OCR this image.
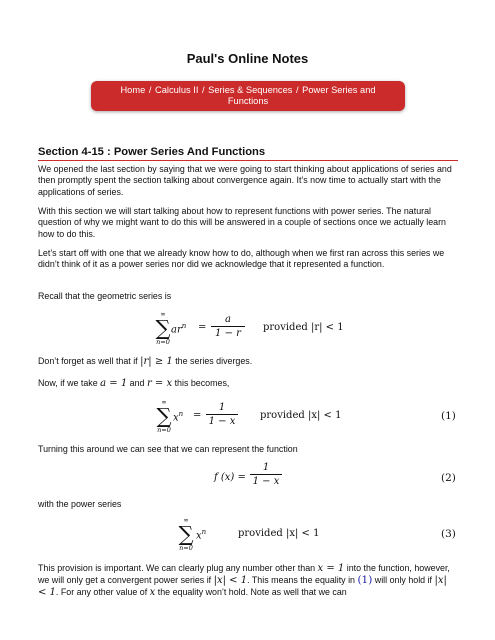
Paul's Online Notes
Home / Calculus II / Series & Sequences / Power Series and
Functions
Section 4-15 : Power Series And Functions
We opened the last section by saying that we were going to start thinking about applications of series and then promptly spent the section talking about convergence again. It’s now time to actually start with the applications of series.
With this section we will start talking about how to represent functions with power series. The natural question of why we might want to do this will be answered in a couple of sections once we actually learn how to do this.
Let’s start off with one that we already know how to do, although when we first ran across this series we didn’t think of it as a power series nor did we acknowledge that it represented a function.
Recall that the geometric series is
∞
∑
n=0
$ar^n$ =
a
1 − r
provided |r| < 1
Don’t forget as well that if |r| ≥ 1 the series diverges.
Now, if we take a = 1 and r = x this becomes,
∞
∑
n=0
$x^n$ =
1
1 − x
provided |x| < 1	(1)
Turning this around we can see that we can represent the function
f (x) =
1
1 − x	(2)
with the power series
∞
∑
n=0
$x^n$	provided |x| < 1	(3)
This provision is important. We can clearly plug any number other than x = 1 into the function, however, we will only get a convergent power series if |x| < 1. This means the equality in (1) will only hold if |x| < 1. For any other value of x the equality won’t hold. Note as well that we can
